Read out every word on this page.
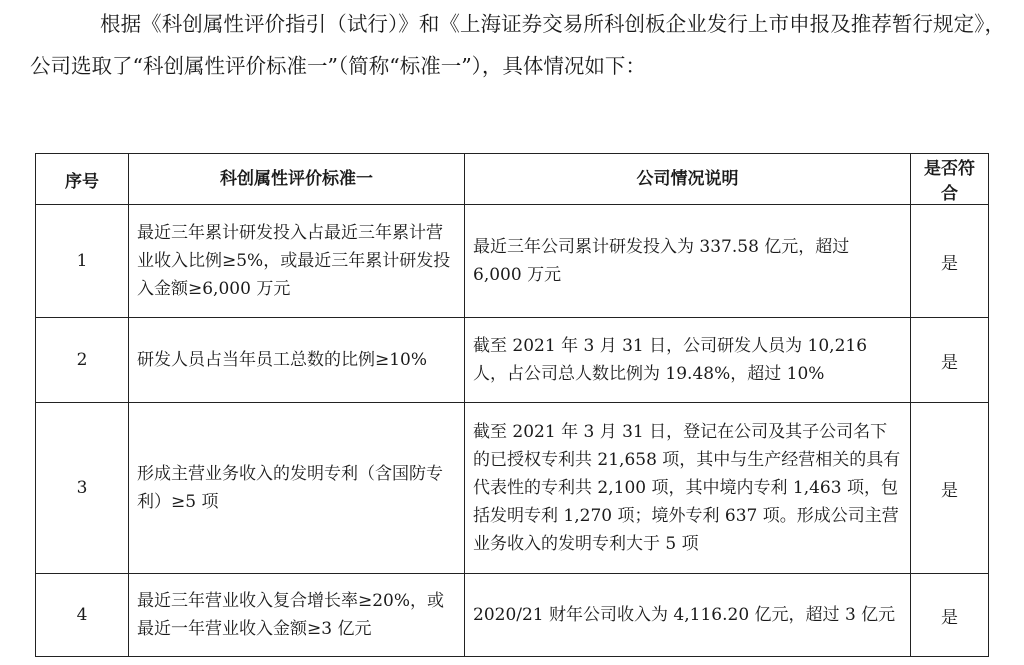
根据《科创属性评价指引（试行）》和《上海证券交易所科创板企业发行上市申报及推荐暂行规定》，公司选取了“科创属性评价标准一”（简称“标准一”），具体情况如下：

序号	科创属性评价标准一	公司情况说明	是否符合
1	最近三年累计研发投入占最近三年累计营业收入比例≥5%，或最近三年累计研发投入金额≥6,000 万元	最近三年公司累计研发投入为 337.58 亿元，超过 6,000 万元	是
2	研发人员占当年员工总数的比例≥10%	截至 2021 年 3 月 31 日，公司研发人员为 10,216 人，占公司总人数比例为 19.48%，超过 10%	是
3	形成主营业务收入的发明专利（含国防专利）≥5 项	截至 2021 年 3 月 31 日，登记在公司及其子公司名下的已授权专利共 21,658 项，其中与生产经营相关的具有代表性的专利共 2,100 项，其中境内专利 1,463 项，包括发明专利 1,270 项；境外专利 637 项。形成公司主营业务收入的发明专利大于 5 项	是
4	最近三年营业收入复合增长率≥20%，或最近一年营业收入金额≥3 亿元	2020/21 财年公司收入为 4,116.20 亿元，超过 3 亿元	是
